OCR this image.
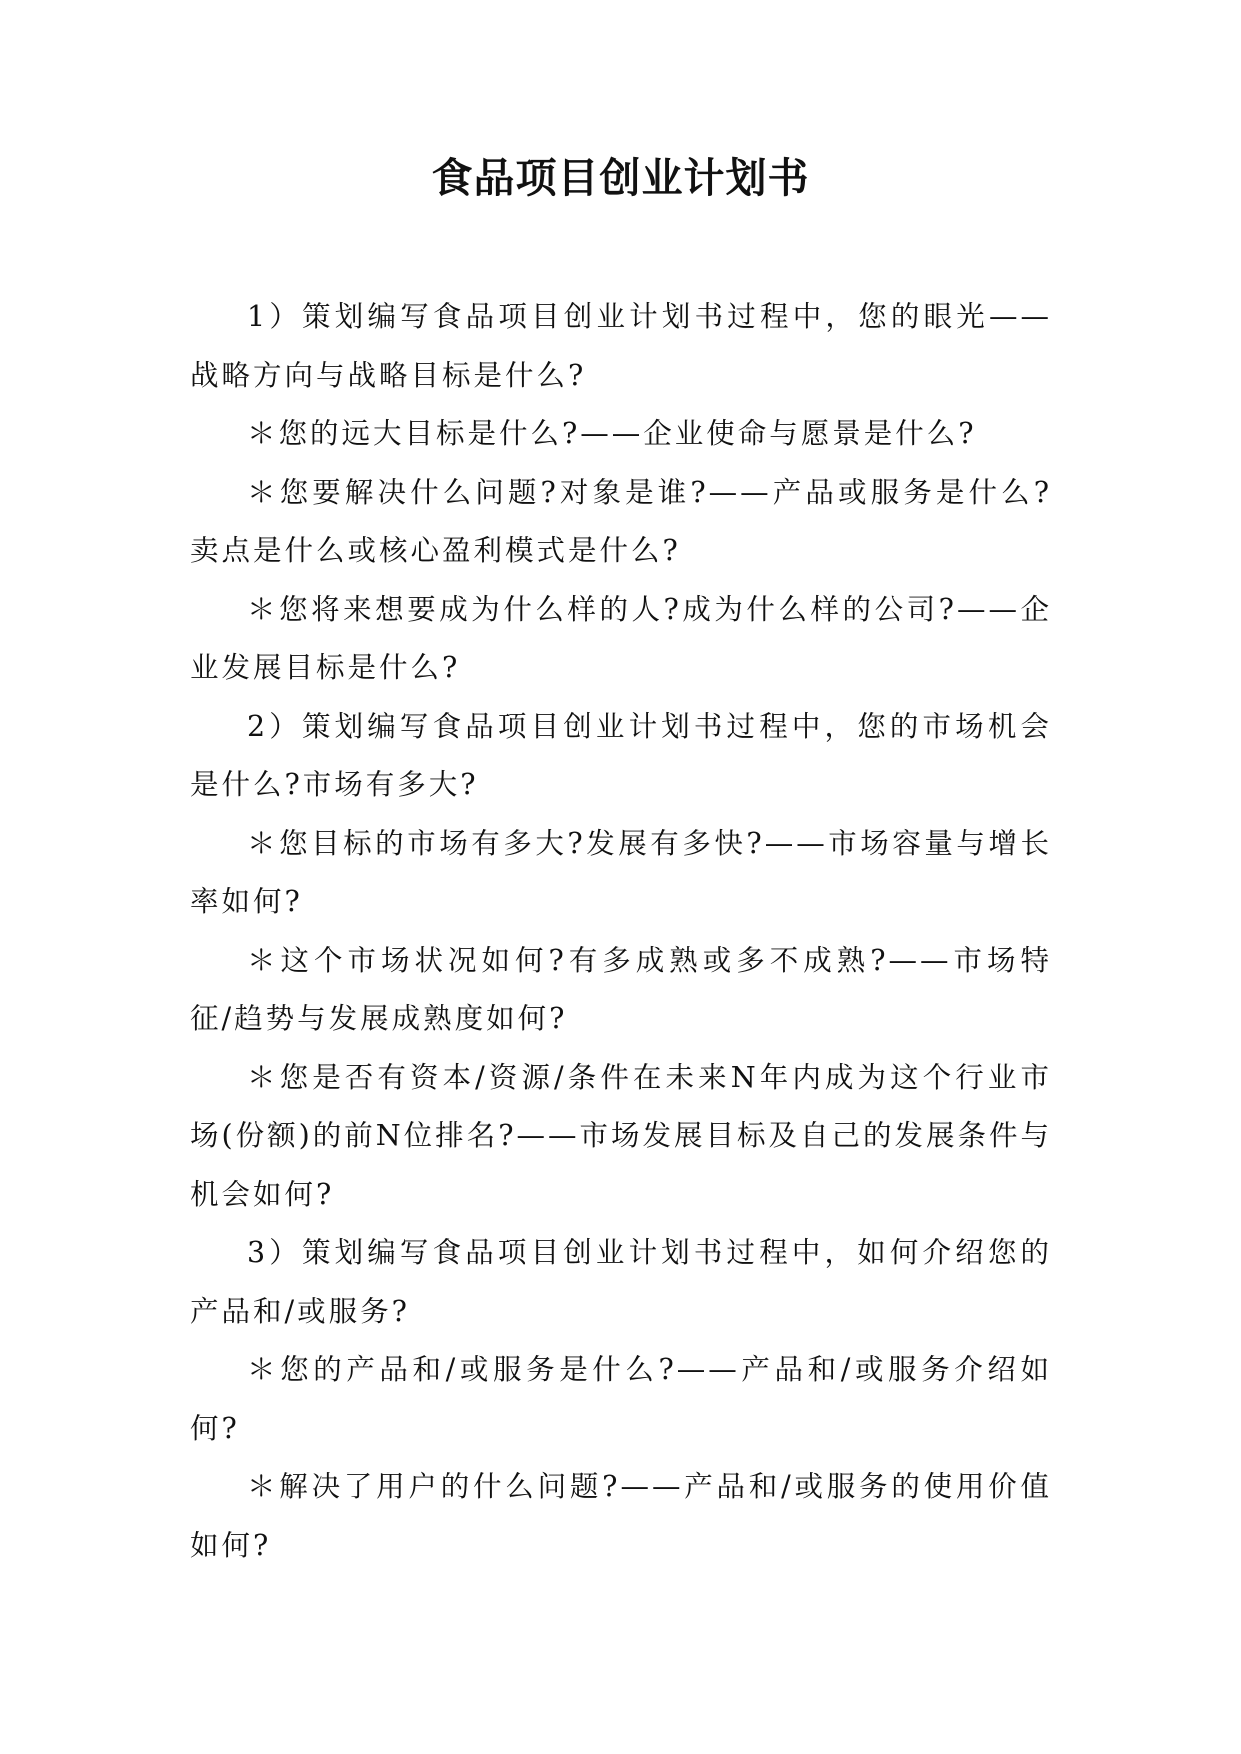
食品项目创业计划书

1）策划编写食品项目创业计划书过程中，您的眼光——战略方向与战略目标是什么?

＊您的远大目标是什么?——企业使命与愿景是什么?

＊您要解决什么问题?对象是谁?——产品或服务是什么?卖点是什么或核心盈利模式是什么?

＊您将来想要成为什么样的人?成为什么样的公司?——企业发展目标是什么?

2）策划编写食品项目创业计划书过程中，您的市场机会是什么?市场有多大?

＊您目标的市场有多大?发展有多快?——市场容量与增长率如何?

＊这个市场状况如何?有多成熟或多不成熟?——市场特征/趋势与发展成熟度如何?

＊您是否有资本/资源/条件在未来N年内成为这个行业市场(份额)的前N位排名?——市场发展目标及自己的发展条件与机会如何?

3）策划编写食品项目创业计划书过程中，如何介绍您的产品和/或服务?

＊您的产品和/或服务是什么?——产品和/或服务介绍如何?

＊解决了用户的什么问题?——产品和/或服务的使用价值如何?
